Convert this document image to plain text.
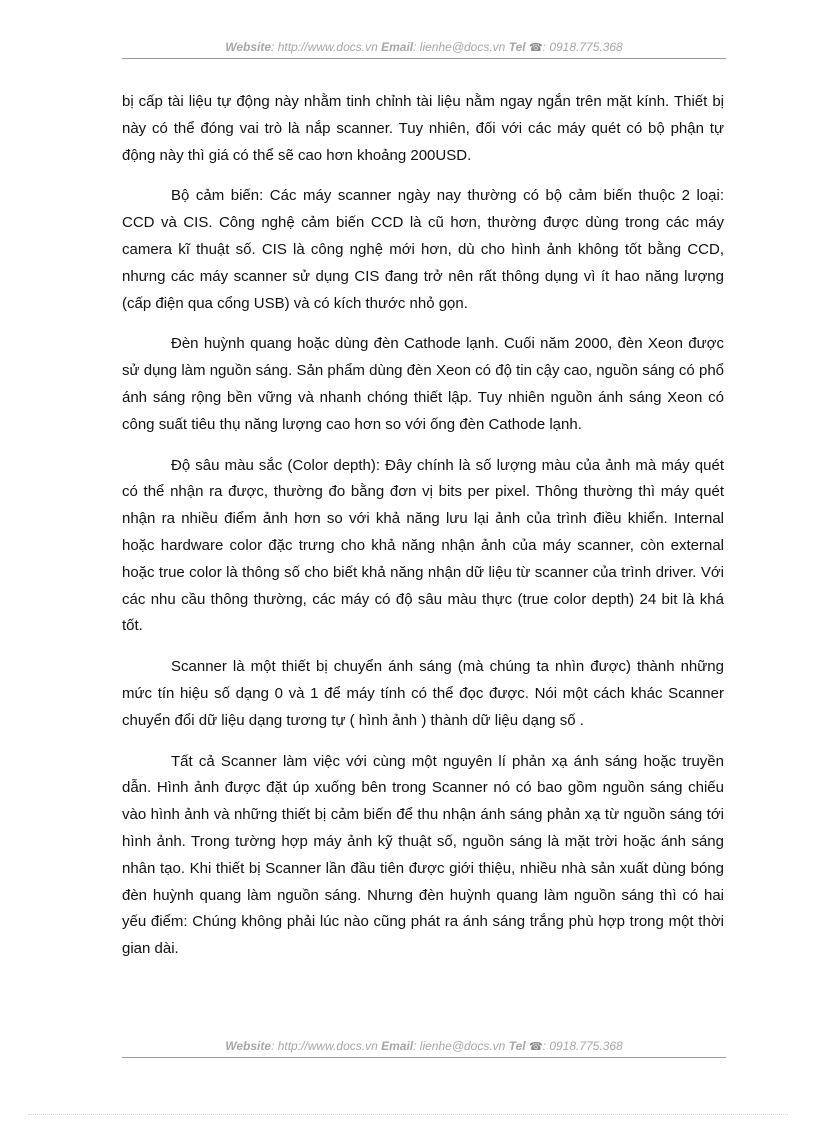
Website: http://www.docs.vn Email: lienhe@docs.vn Tel ☎: 0918.775.368

bị cấp tài liệu tự động này nhằm tinh chỉnh tài liệu nằm ngay ngắn trên mặt kính. Thiết bị này có thể đóng vai trò là nắp scanner. Tuy nhiên, đối với các máy quét có bộ phận tự động này thì giá có thể sẽ cao hơn khoảng 200USD.

Bộ cảm biến: Các máy scanner ngày nay thường có bộ cảm biến thuộc 2 loại: CCD và CIS. Công nghệ cảm biến CCD là cũ hơn, thường được dùng trong các máy camera kĩ thuật số. CIS là công nghệ mới hơn, dù cho hình ảnh không tốt bằng CCD, nhưng các máy scanner sử dụng CIS đang trở nên rất thông dụng vì ít hao năng lượng (cấp điện qua cổng USB) và có kích thước nhỏ gọn.

Đèn huỳnh quang hoặc dùng đèn Cathode lạnh. Cuối năm 2000, đèn Xeon được sử dụng làm nguồn sáng. Sản phẩm dùng đèn Xeon có độ tin cậy cao, nguồn sáng có phổ ánh sáng rộng bền vững và nhanh chóng thiết lập. Tuy nhiên nguồn ánh sáng Xeon có công suất tiêu thụ năng lượng cao hơn so với ống đèn Cathode lạnh.

Độ sâu màu sắc (Color depth): Đây chính là số lượng màu của ảnh mà máy quét có thể nhận ra được, thường đo bằng đơn vị bits per pixel. Thông thường thì máy quét nhận ra nhiều điểm ảnh hơn so với khả năng lưu lại ảnh của trình điều khiển. Internal hoặc hardware color đặc trưng cho khả năng nhận ảnh của máy scanner, còn external hoặc true color là thông số cho biết khả năng nhận dữ liệu từ scanner của trình driver. Với các nhu cầu thông thường, các máy có độ sâu màu thực (true color depth) 24 bit là khá tốt.

Scanner là một thiết bị chuyển ánh sáng (mà chúng ta nhìn được) thành những mức tín hiệu số dạng 0 và 1 để máy tính có thể đọc được. Nói một cách khác Scanner chuyển đổi dữ liệu dạng tương tự ( hình ảnh ) thành dữ liệu dạng số .

Tất cả Scanner làm việc với cùng một nguyên lí phản xạ ánh sáng hoặc truyền dẫn. Hình ảnh được đặt úp xuống bên trong Scanner nó có bao gồm nguồn sáng chiếu vào hình ảnh và những thiết bị cảm biến để thu nhận ánh sáng phản xạ từ nguồn sáng tới hình ảnh. Trong tường hợp máy ảnh kỹ thuật số, nguồn sáng là mặt trời hoặc ánh sáng nhân tạo. Khi thiết bị Scanner lần đầu tiên được giới thiệu, nhiều nhà sản xuất dùng bóng đèn huỳnh quang làm nguồn sáng. Nhưng đèn huỳnh quang làm nguồn sáng thì có hai yếu điểm: Chúng không phải lúc nào cũng phát ra ánh sáng trắng phù hợp trong một thời gian dài.

Website: http://www.docs.vn Email: lienhe@docs.vn Tel ☎: 0918.775.368
